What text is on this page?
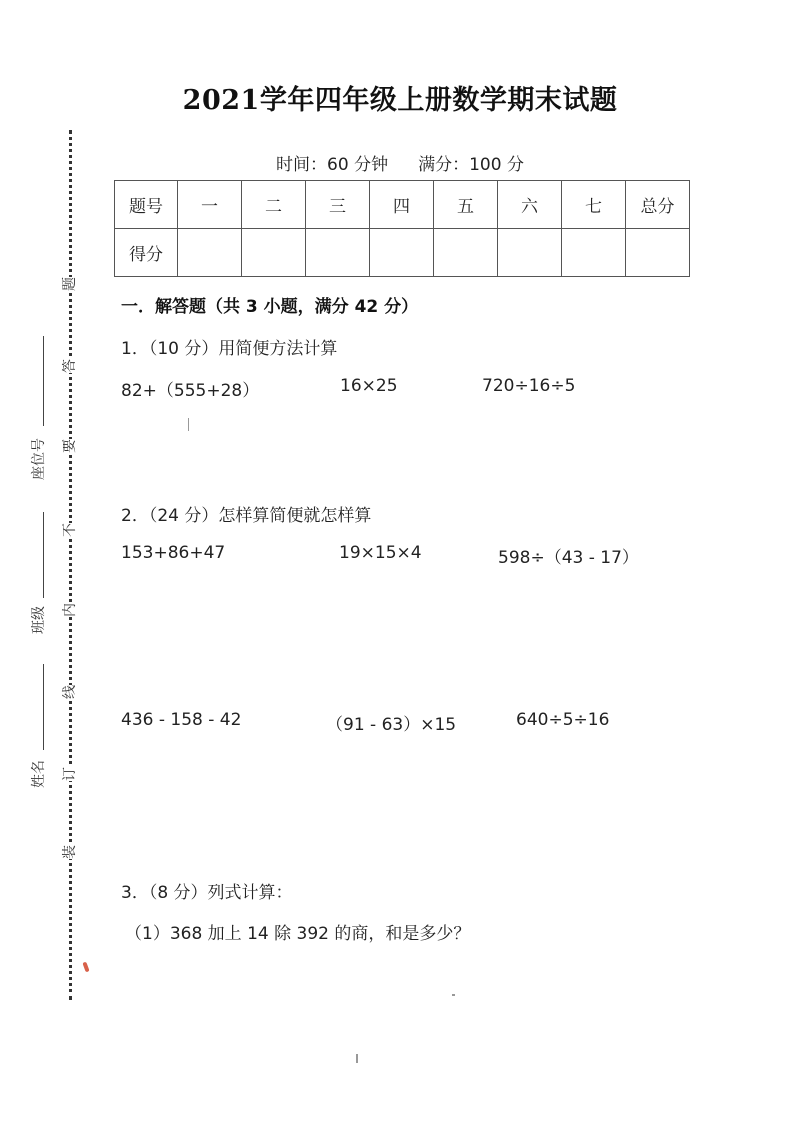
题
答
要
不
内
线
订
装
座位号
班级
姓名
2021学年四年级上册数学期末试题
时间：60 分钟 满分：100 分
题号	一	二	三	四	五	六	七	总分
得分								
一．解答题（共 3 小题，满分 42 分）
1．（10 分）用简便方法计算
82+（555+28）	16×25	720÷16÷5
2．（24 分）怎样算简便就怎样算
153+86+47	19×15×4	598÷（43 - 17）
436 - 158 - 42	（91 - 63）×15	640÷5÷16
3．（8 分）列式计算：
（1）368 加上 14 除 392 的商，和是多少？
